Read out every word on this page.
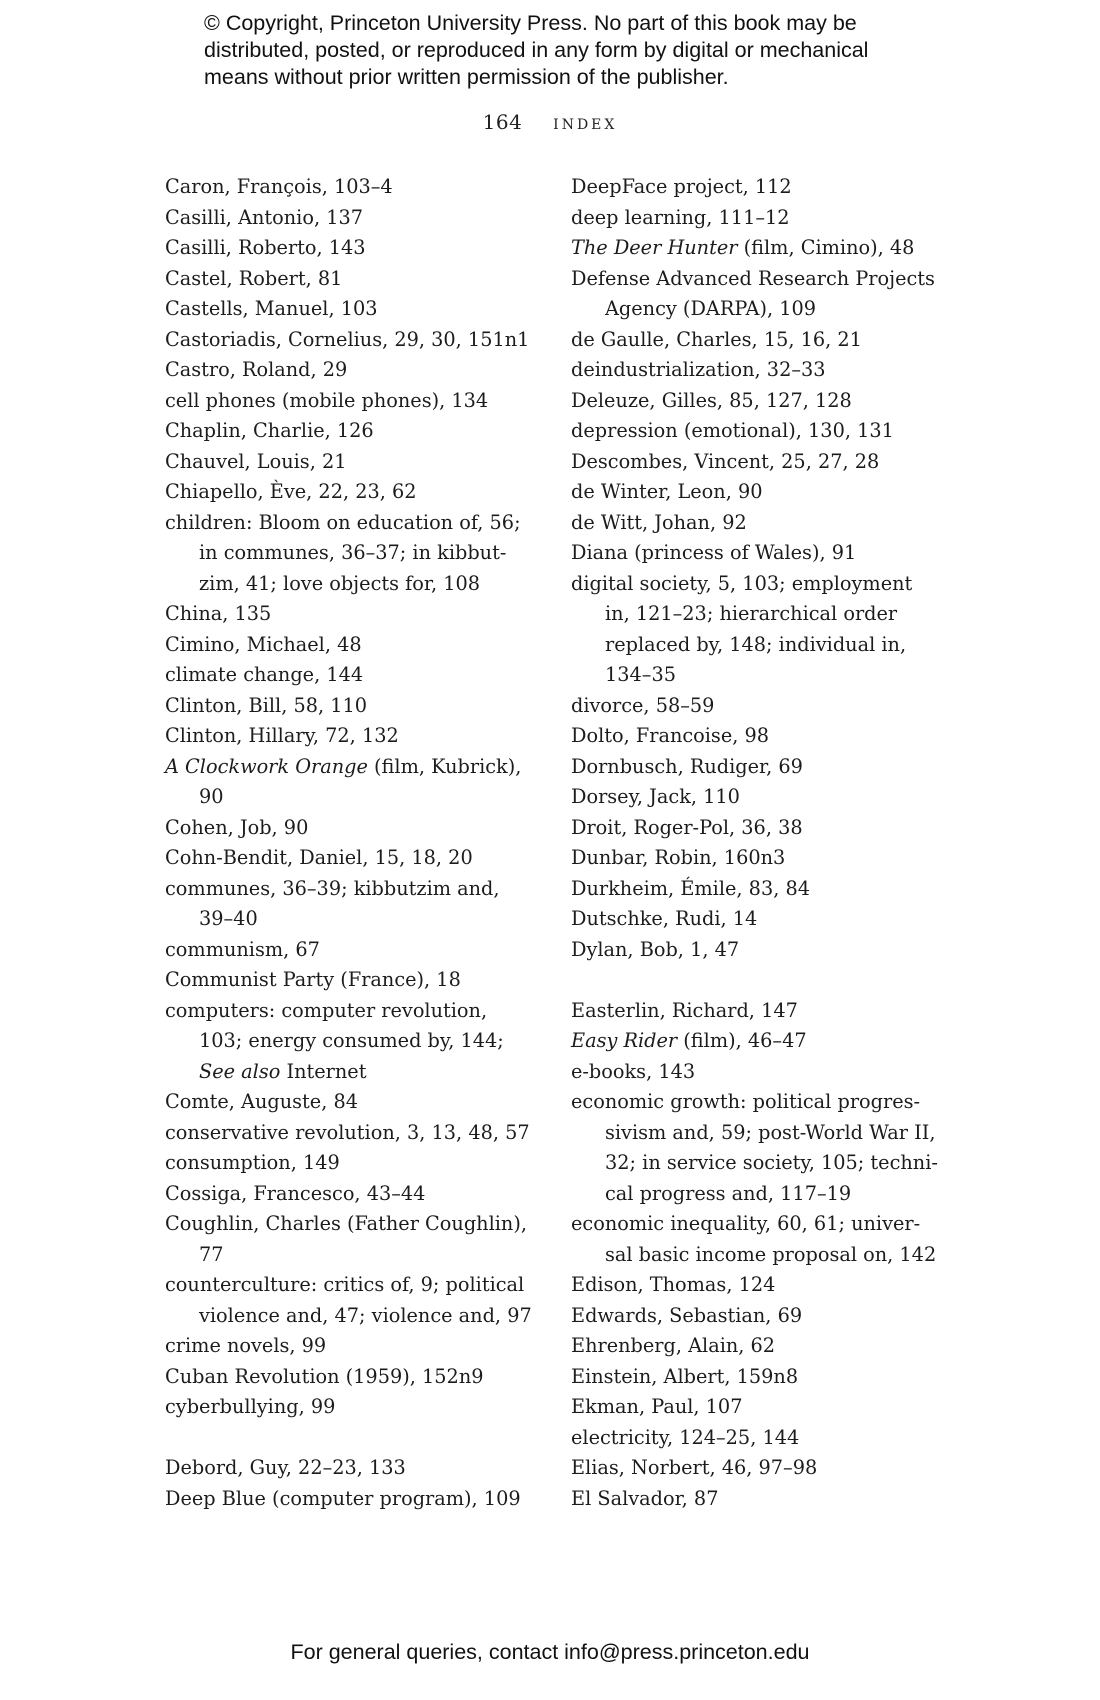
© Copyright, Princeton University Press. No part of this book may be
distributed, posted, or reproduced in any form by digital or mechanical
means without prior written permission of the publisher.
164 index
Caron, François, 103–4
Casilli, Antonio, 137
Casilli, Roberto, 143
Castel, Robert, 81
Castells, Manuel, 103
Castoriadis, Cornelius, 29, 30, 151n1
Castro, Roland, 29
cell phones (mobile phones), 134
Chaplin, Charlie, 126
Chauvel, Louis, 21
Chiapello, Ève, 22, 23, 62
children: Bloom on education of, 56;
in communes, 36–37; in kibbut-
zim, 41; love objects for, 108
China, 135
Cimino, Michael, 48
climate change, 144
Clinton, Bill, 58, 110
Clinton, Hillary, 72, 132
A Clockwork Orange (film, Kubrick),
90
Cohen, Job, 90
Cohn-Bendit, Daniel, 15, 18, 20
communes, 36–39; kibbutzim and,
39–40
communism, 67
Communist Party (France), 18
computers: computer revolution,
103; energy consumed by, 144;
See also Internet
Comte, Auguste, 84
conservative revolution, 3, 13, 48, 57
consumption, 149
Cossiga, Francesco, 43–44
Coughlin, Charles (Father Coughlin),
77
counterculture: critics of, 9; political
violence and, 47; violence and, 97
crime novels, 99
Cuban Revolution (1959), 152n9
cyberbullying, 99
Debord, Guy, 22–23, 133
Deep Blue (computer program), 109
DeepFace project, 112
deep learning, 111–12
The Deer Hunter (film, Cimino), 48
Defense Advanced Research Projects
Agency (DARPA), 109
de Gaulle, Charles, 15, 16, 21
deindustrialization, 32–33
Deleuze, Gilles, 85, 127, 128
depression (emotional), 130, 131
Descombes, Vincent, 25, 27, 28
de Winter, Leon, 90
de Witt, Johan, 92
Diana (princess of Wales), 91
digital society, 5, 103; employment
in, 121–23; hierarchical order
replaced by, 148; individual in,
134–35
divorce, 58–59
Dolto, Francoise, 98
Dornbusch, Rudiger, 69
Dorsey, Jack, 110
Droit, Roger-Pol, 36, 38
Dunbar, Robin, 160n3
Durkheim, Émile, 83, 84
Dutschke, Rudi, 14
Dylan, Bob, 1, 47
Easterlin, Richard, 147
Easy Rider (film), 46–47
e-books, 143
economic growth: political progres-
sivism and, 59; post-World War II,
32; in service society, 105; techni-
cal progress and, 117–19
economic inequality, 60, 61; univer-
sal basic income proposal on, 142
Edison, Thomas, 124
Edwards, Sebastian, 69
Ehrenberg, Alain, 62
Einstein, Albert, 159n8
Ekman, Paul, 107
electricity, 124–25, 144
Elias, Norbert, 46, 97–98
El Salvador, 87
For general queries, contact info@press.princeton.edu
